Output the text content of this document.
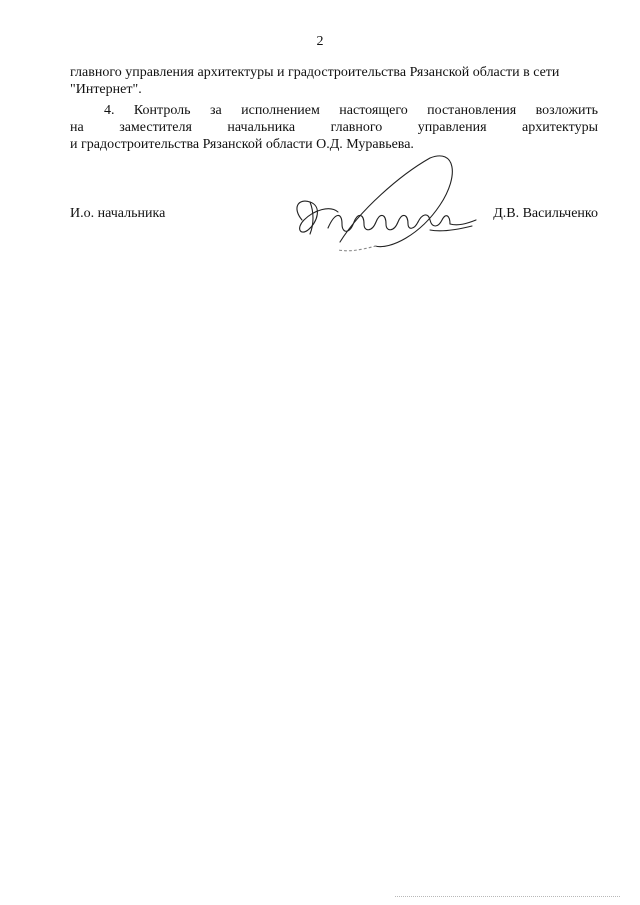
2
главного управления архитектуры и градостроительства Рязанской области в сети
"Интернет".
4. Контроль за исполнением настоящего постановления возложить
на	заместителя	начальника	главного	управления	архитектуры
и градостроительства Рязанской области О.Д. Муравьева.
И.о. начальника	Д.В. Васильченко
